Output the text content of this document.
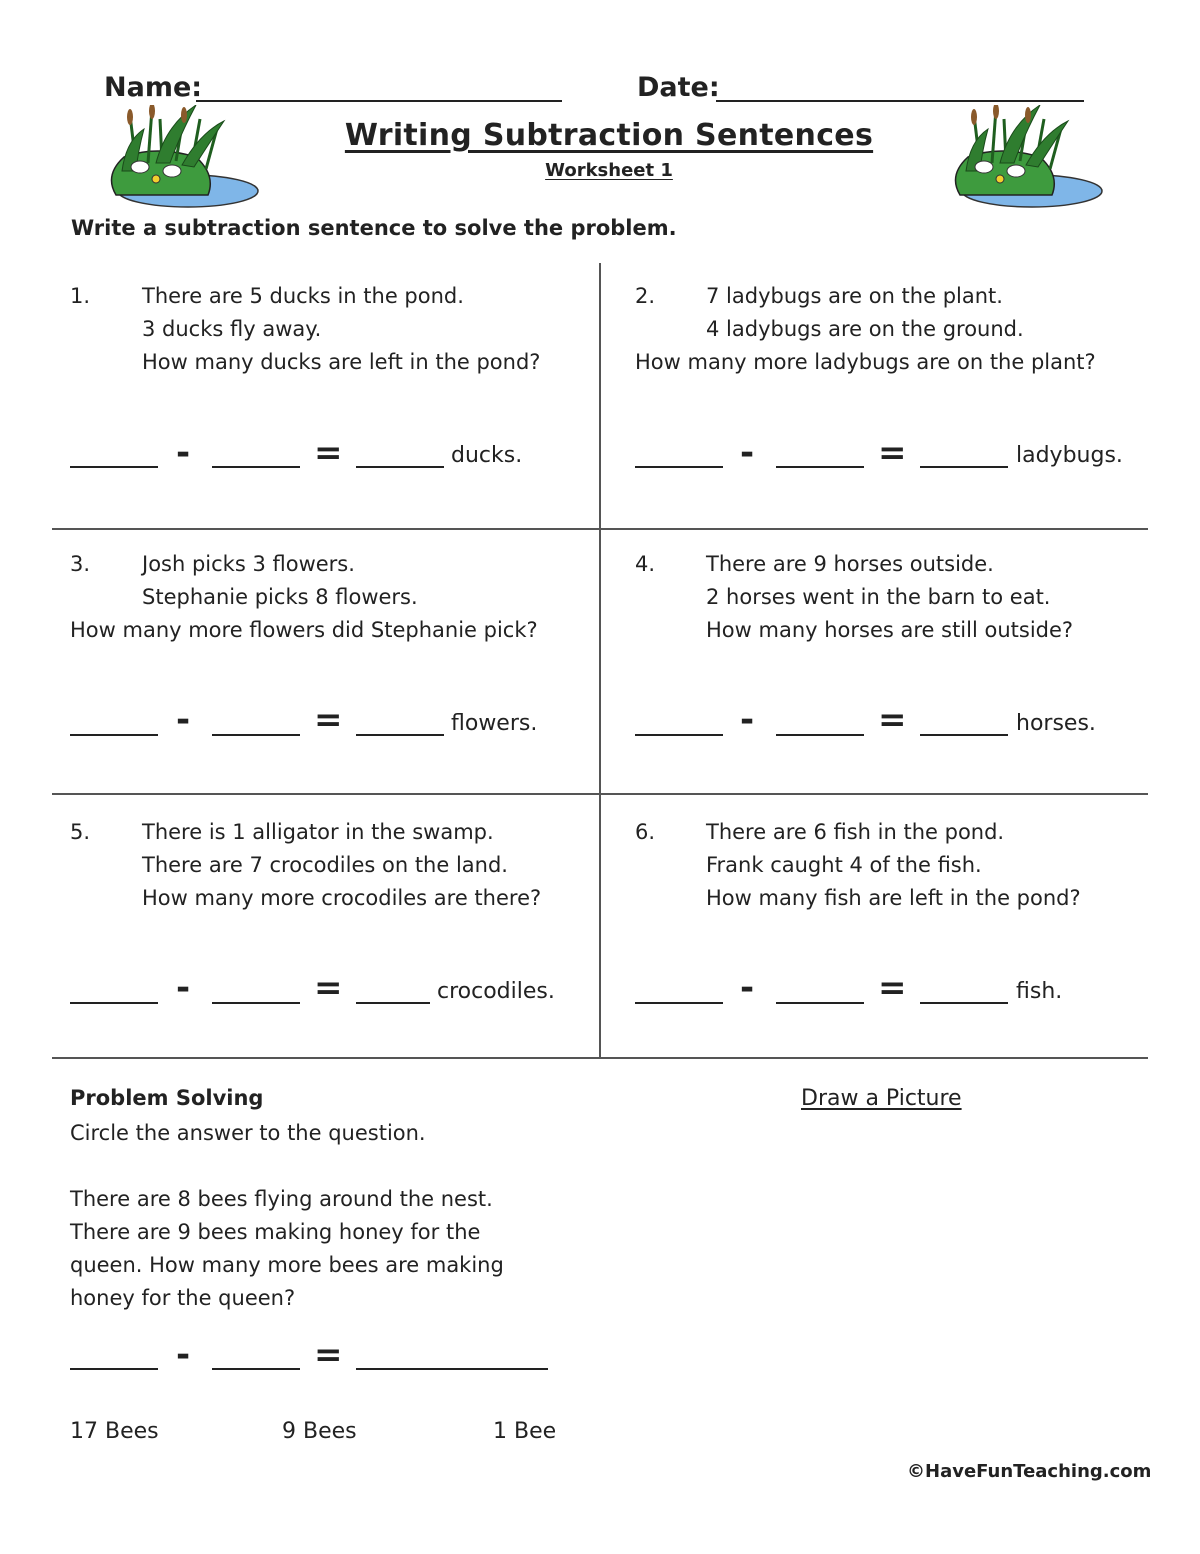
Name:	Date:
Writing Subtraction Sentences
Worksheet 1
Write a subtraction sentence to solve the problem.
1. There are 5 ducks in the pond.
3 ducks fly away.
How many ducks are left in the pond?
-	=	ducks.
2. 7 ladybugs are on the plant.
4 ladybugs are on the ground.
How many more ladybugs are on the plant?
-	=	ladybugs.
3. Josh picks 3 flowers.
Stephanie picks 8 flowers.
How many more flowers did Stephanie pick?
-	=	flowers.
4. There are 9 horses outside.
2 horses went in the barn to eat.
How many horses are still outside?
-	=	horses.
5. There is 1 alligator in the swamp.
There are 7 crocodiles on the land.
How many more crocodiles are there?
-	=	crocodiles.
6. There are 6 fish in the pond.
Frank caught 4 of the fish.
How many fish are left in the pond?
-	=	fish.
Problem Solving
Circle the answer to the question.
Draw a Picture
There are 8 bees flying around the nest.
There are 9 bees making honey for the
queen. How many more bees are making
honey for the queen?
-	=
17 Bees	9 Bees	1 Bee
©HaveFunTeaching.com
